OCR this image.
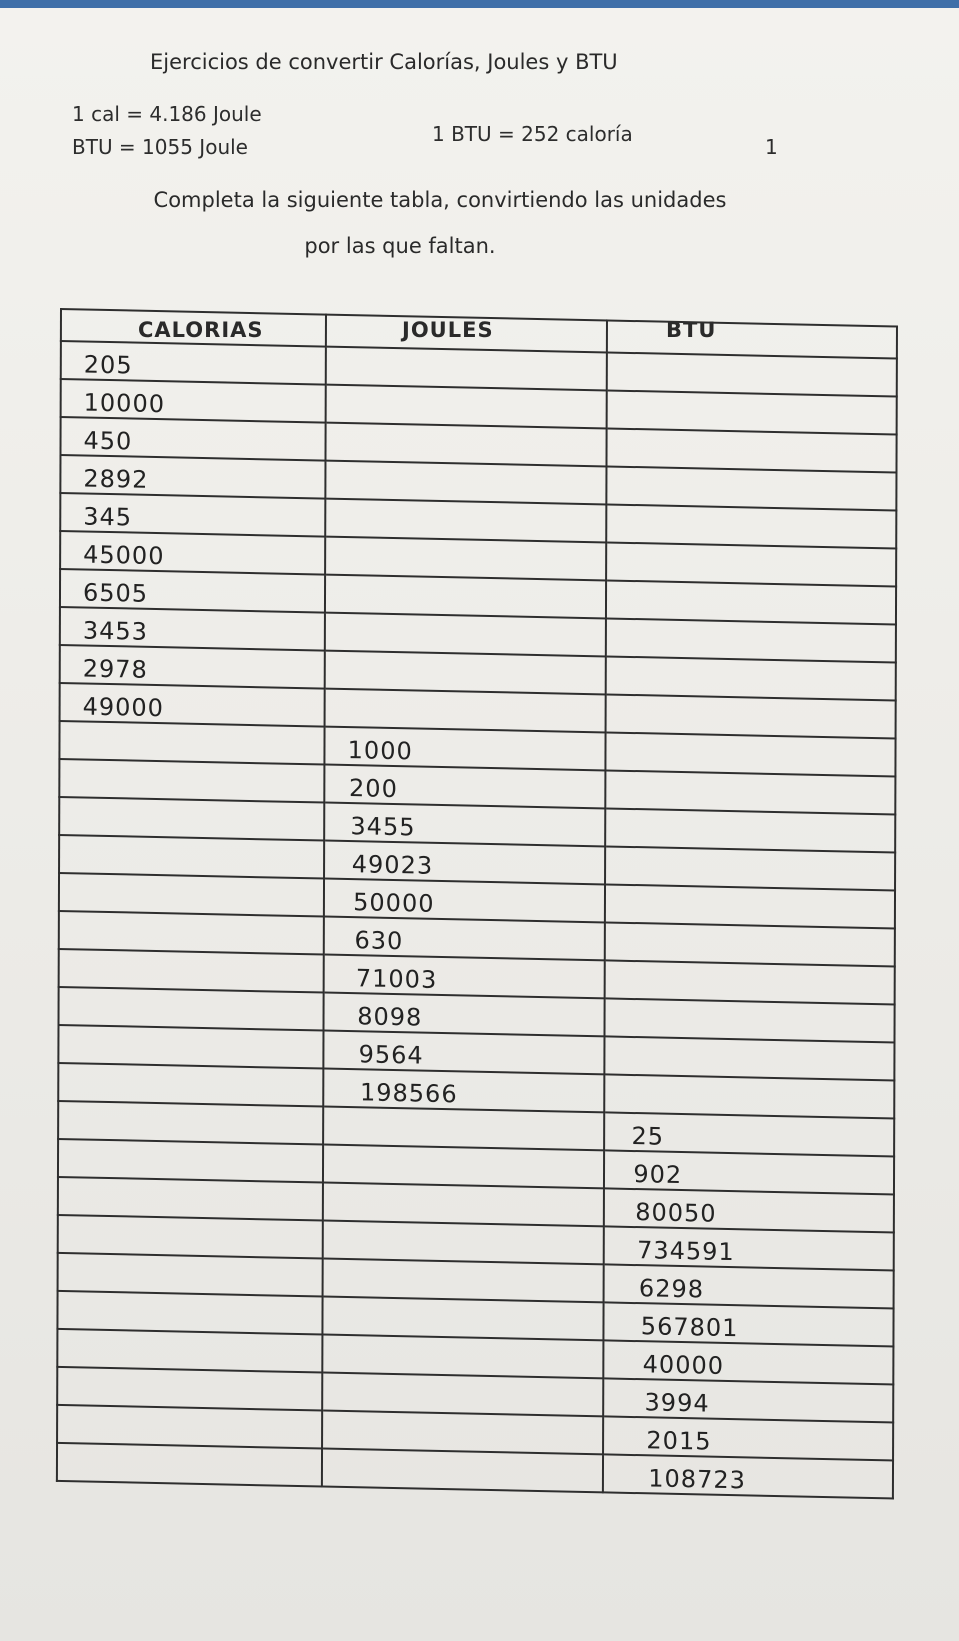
Ejercicios de convertir Calorías, Joules y BTU
1 cal = 4.186 Joule
BTU = 1055 Joule
1 BTU = 252 caloría
1
Completa la siguiente tabla, convirtiendo las unidades
por las que faltan.
CALORIAS	JOULES	BTU

205		
10000		
450		
2892		
345		
45000		
6505		
3453		
2978		
49000		
	1000	
	200	
	3455	
	49023	
	50000	
	630	
	71003	
	8098	
	9564	
	198566	
		25
		902
		80050
		734591
		6298
		567801
		40000
		3994
		2015
		108723
